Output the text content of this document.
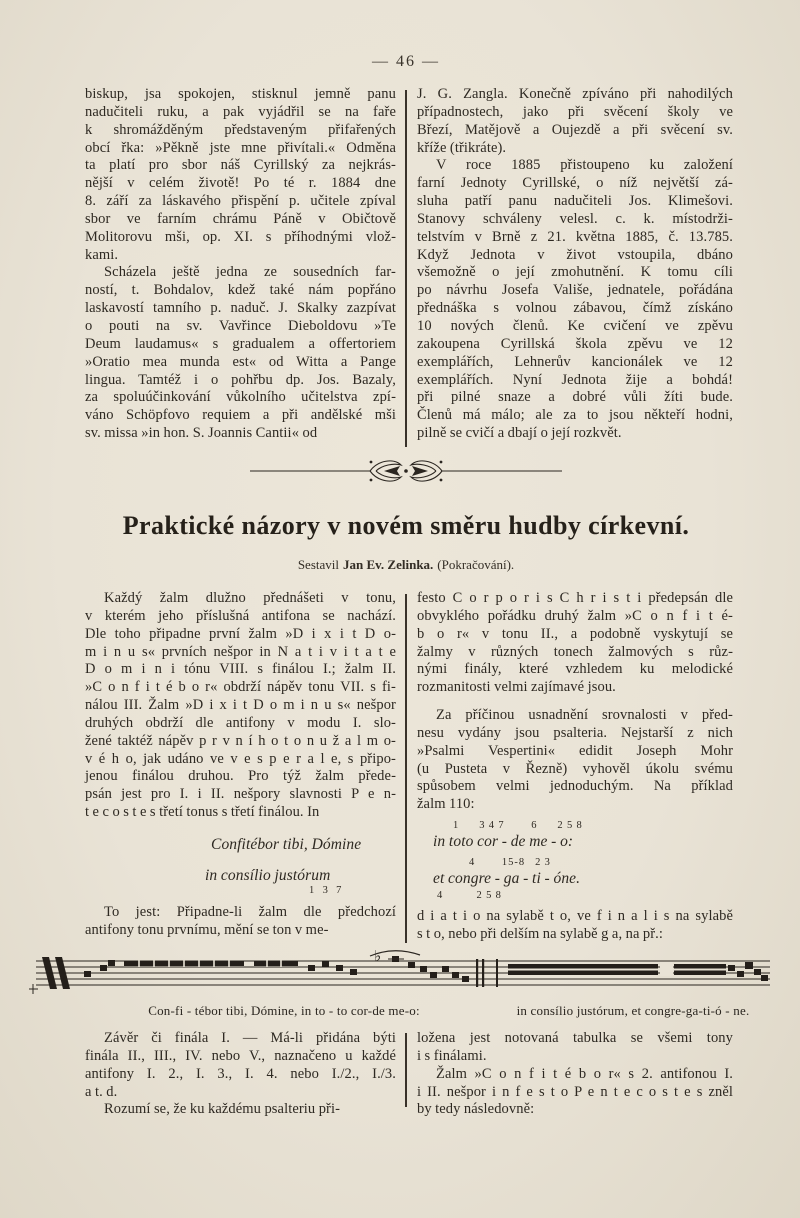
— 46 —
biskup, jsa spokojen, stisknul jemně panu
nadučiteli ruku, a pak vyjádřil se na faře
k shromážděným představeným přifařených
obcí řka: »Pěkně jste mne přivítali.« Odměna
ta platí pro sbor náš Cyrillský za nejkrás-
nější v celém životě! Po té r. 1884 dne
8. září za láskavého přispění p. učitele zpíval
sbor ve farním chrámu Páně v Običtově
Molitorovu mši, op. XI. s příhodnými vlož-
kami.
Scházela ještě jedna ze sousedních far-
ností, t. Bohdalov, kdež také nám popřáno
laskavostí tamního p. naduč. J. Skalky zazpívat
o pouti na sv. Vavřince Dieboldovu »Te
Deum laudamus« s gradualem a offertoriem
»Oratio mea munda est« od Witta a Pange
lingua. Tamtéž i o pohřbu dp. Jos. Bazaly,
za spoluúčinkování vůkolního učitelstva zpí-
váno Schöpfovo requiem a při andělské mši
sv. missa »in hon. S. Joannis Cantii« od
J. G. Zangla. Konečně zpíváno při nahodilých
případnostech, jako při svěcení školy ve
Březí, Matějově a Oujezdě a při svěcení sv.
kříže (třikráte).
V roce 1885 přistoupeno ku založení
farní Jednoty Cyrillské, o níž největší zá-
sluha patří panu nadučiteli Jos. Klimešovi.
Stanovy schváleny velesl. c. k. místodrži-
telstvím v Brně z 21. května 1885, č. 13.785.
Když Jednota v život vstoupila, dbáno
všemožně o její zmohutnění. K tomu cíli
po návrhu Josefa Vališe, jednatele, pořádána
přednáška s volnou zábavou, čímž získáno
10 nových členů. Ke cvičení ve zpěvu
zakoupena Cyrillská škola zpěvu ve 12
exemplářích, Lehnerův kancionálek ve 12
exemplářích. Nyní Jednota žije a bohdá!
při pilné snaze a dobré vůli žíti bude.
Členů má málo; ale za to jsou někteří hodni,
pilně se cvičí a dbají o její rozkvět.
Praktické názory v novém směru hudby církevní.
Sestavil Jan Ev. Zelinka. (Pokračování).
Každý žalm dlužno přednášeti v tonu,
v kterém jeho příslušná antifona se nachází.
Dle toho připadne první žalm »D i x i t D o-
m i n u s« prvních nešpor in N a t i v i t a t e
D o m i n i tónu VIII. s finálou I.; žalm II.
»C o n f i t é b o r« obdrží nápěv tonu VII. s fi-
nálou III. Žalm »D i x i t D o m i n u s« nešpor
druhých obdrží dle antifony v modu I. slo-
žené taktéž nápěv p r v n í h o t o n u ž a l m o-
v é h o, jak udáno ve v e s p e r a l e, s připo-
jenou finálou druhou. Pro týž žalm přede-
psán jest pro I. i II. nešpory slavnosti P e n-
t e c o s t e s třetí tonus s třetí finálou. In
Confitébor tibi, Dómine
in consílio justórum
1 3 7
To jest: Připadne-li žalm dle předchozí
antifony tonu prvnímu, mění se ton v me-
festo C o r p o r i s C h r i s t i předepsán dle
obvyklého pořádku druhý žalm »C o n f i t é-
b o r« v tonu II., a podobně vyskytují se
žalmy v různých tonech žalmových s růz-
nými finály, které vzhledem ku melodické
rozmanitosti velmi zajímavé jsou.
Za příčinou usnadnění srovnalosti v před-
nesu vydány jsou psalteria. Nejstarší z nich
»Psalmi Vespertini« edidit Joseph Mohr
(u Pusteta v Řezně) vyhověl úkolu svému
spůsobem velmi jednoduchým. Na příklad
žalm 110:
1      3 4 7        6      2 5 8
in toto cor - de me - o:
4        15-8   2 3
et congre - ga - ti - óne.
4          2 5 8
d i a t i o na sylabě t o, ve f i n a l i s na sylabě
s t o, nebo při delším na sylabě g a, na př.:
♭
Con-fi - tébor tibi, Dómine, in to - to cor-de me-o:	in consílio justórum, et congre-ga-ti-ó - ne.
Závěr či finála I. — Má-li přidána býti
finála II., III., IV. nebo V., naznačeno u každé
antifony I. 2., I. 3., I. 4. nebo I./2., I./3.
a t. d.
Rozumí se, že ku každému psalteriu při-
ložena jest notovaná tabulka se všemi tony
i s finálami.
Žalm »C o n f i t é b o r« s 2. antifonou I.
i II. nešpor i n f e s t o P e n t e c o s t e s zněl
by tedy následovně:
